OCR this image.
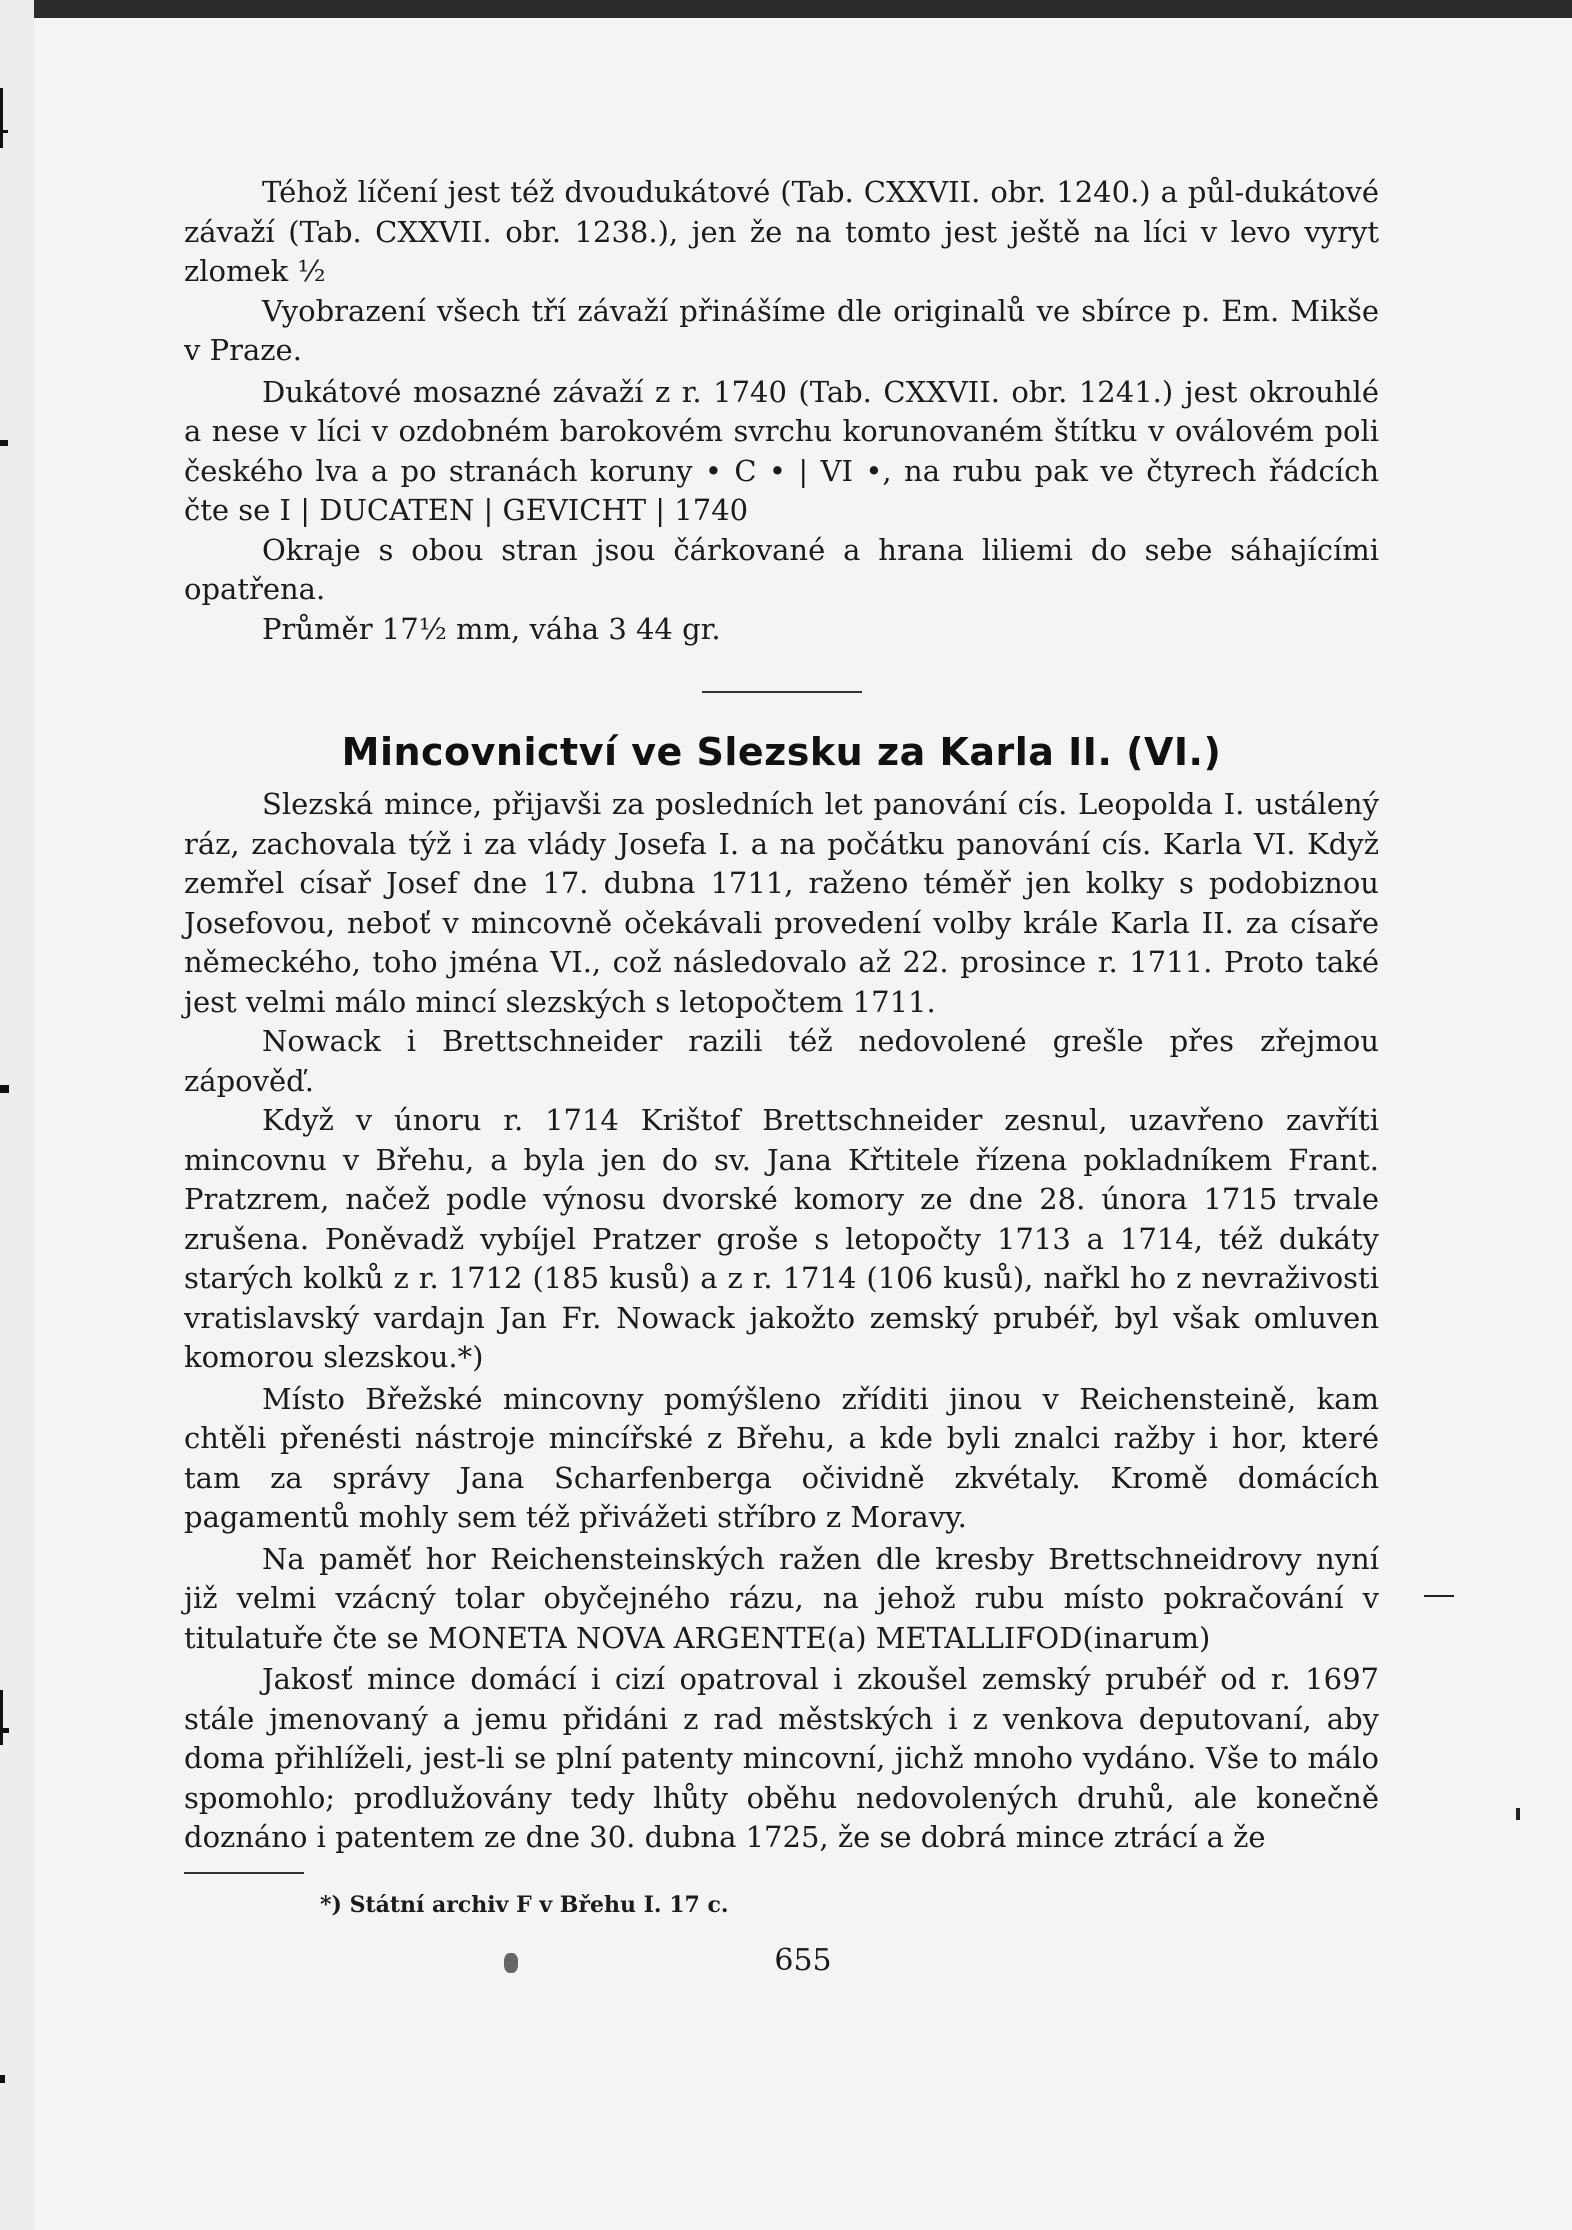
Téhož líčení jest též dvoudukátové (Tab. CXXVII. obr. 1240.) a půl-dukátové závaží (Tab. CXXVII. obr. 1238.), jen že na tomto jest ještě na líci v levo vyryt zlomek ½

Vyobrazení všech tří závaží přinášíme dle originalů ve sbírce p. Em. Mikše v Praze.

Dukátové mosazné závaží z r. 1740 (Tab. CXXVII. obr. 1241.) jest okrouhlé a nese v líci v ozdobném barokovém svrchu korunovaném štítku v oválovém poli českého lva a po stranách koruny • C • | VI •, na rubu pak ve čtyrech řádcích čte se I | DUCATEN | GEVICHT | 1740

Okraje s obou stran jsou čárkované a hrana liliemi do sebe sáhajícími opatřena.

Průměr 17½ mm, váha 3 44 gr.

Mincovnictví ve Slezsku za Karla II. (VI.)

Slezská mince, přijavši za posledních let panování cís. Leopolda I. ustálený ráz, zachovala týž i za vlády Josefa I. a na počátku panování cís. Karla VI. Když zemřel císař Josef dne 17. dubna 1711, raženo téměř jen kolky s podobiznou Josefovou, neboť v mincovně očekávali provedení volby krále Karla II. za císaře německého, toho jména VI., což následovalo až 22. prosince r. 1711. Proto také jest velmi málo mincí slezských s letopočtem 1711.

Nowack i Brettschneider razili též nedovolené grešle přes zřejmou zápověď.

Když v únoru r. 1714 Krištof Brettschneider zesnul, uzavřeno zavříti mincovnu v Břehu, a byla jen do sv. Jana Křtitele řízena pokladníkem Frant. Pratzrem, načež podle výnosu dvorské komory ze dne 28. února 1715 trvale zrušena. Poněvadž vybíjel Pratzer groše s letopočty 1713 a 1714, též dukáty starých kolků z r. 1712 (185 kusů) a z r. 1714 (106 kusů), nařkl ho z nevraživosti vratislavský vardajn Jan Fr. Nowack jakožto zemský prubéř, byl však omluven komorou slezskou.*)

Místo Břežské mincovny pomýšleno zříditi jinou v Reichensteině, kam chtěli přenésti nástroje mincířské z Břehu, a kde byli znalci ražby i hor, které tam za správy Jana Scharfenberga očividně zkvétaly. Kromě domácích pagamentů mohly sem též přivážeti stříbro z Moravy.

Na paměť hor Reichensteinských ražen dle kresby Brettschneidrovy nyní již velmi vzácný tolar obyčejného rázu, na jehož rubu místo pokračování v titulatuře čte se MONETA NOVA ARGENTE(a) METALLIFOD(inarum)

Jakosť mince domácí i cizí opatroval i zkoušel zemský prubéř od r. 1697 stále jmenovaný a jemu přidáni z rad městských i z venkova deputovaní, aby doma přihlíželi, jest-li se plní patenty mincovní, jichž mnoho vydáno. Vše to málo spomohlo; prodlužovány tedy lhůty oběhu nedovolených druhů, ale konečně doznáno i patentem ze dne 30. dubna 1725, že se dobrá mince ztrácí a že

*) Státní archiv F v Břehu I. 17 c.

655
